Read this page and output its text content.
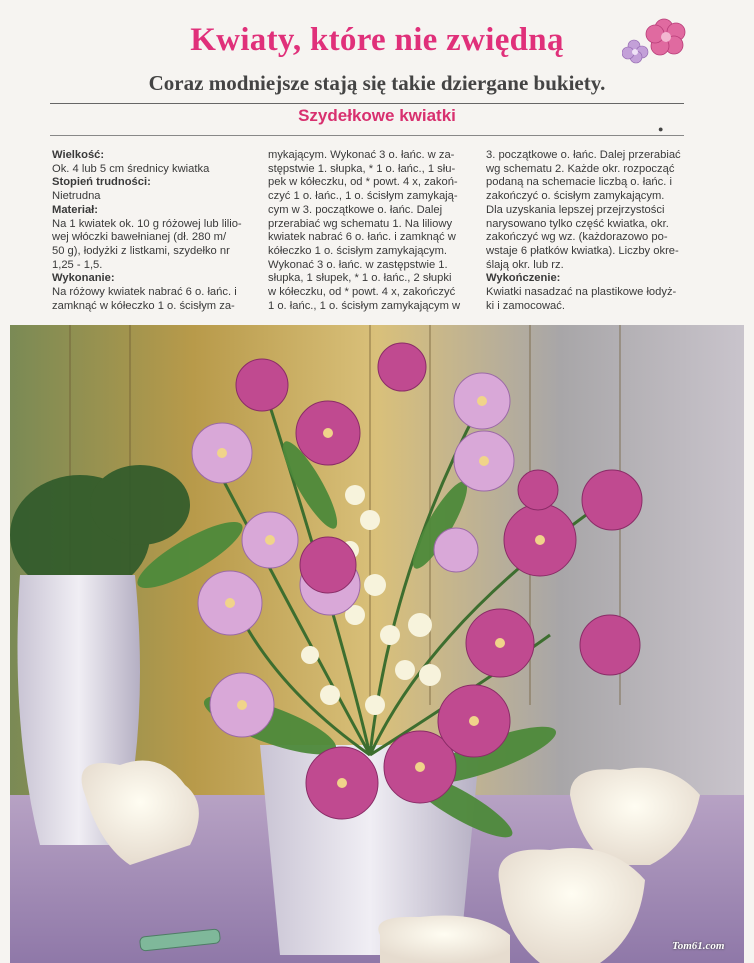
Kwiaty, które nie zwiędną
Coraz modniejsze stają się takie dziergane bukiety.
Szydełkowe kwiatki
●
Wielkość:
Ok. 4 lub 5 cm średnicy kwiatka
Stopień trudności:
Nietrudna
Materiał:
Na 1 kwiatek ok. 10 g różowej lub lilio-
wej włóczki bawełnianej (dł. 280 m/
50 g), łodyżki z listkami, szydełko nr
1,25 - 1,5.
Wykonanie:
Na różowy kwiatek nabrać 6 o. łańc. i
zamknąć w kółeczko 1 o. ścisłym za-
mykającym. Wykonać 3 o. łańc. w za-
stępstwie 1. słupka, * 1 o. łańc., 1 słu-
pek w kółeczku, od * powt. 4 x, zakoń-
czyć 1 o. łańc., 1 o. ścisłym zamykają-
cym w 3. początkowe o. łańc. Dalej
przerabiać wg schematu 1. Na liliowy
kwiatek nabrać 6 o. łańc. i zamknąć w
kółeczko 1 o. ścisłym zamykającym.
Wykonać 3 o. łańc. w zastępstwie 1.
słupka, 1 słupek, * 1 o. łańc., 2 słupki
w kółeczku, od * powt. 4 x, zakończyć
1 o. łańc., 1 o. ścisłym zamykającym w
3. początkowe o. łańc. Dalej przerabiać
wg schematu 2. Każde okr. rozpocząć
podaną na schemacie liczbą o. łańc. i
zakończyć o. ścisłym zamykającym.
Dla uzyskania lepszej przejrzystości
narysowano tylko część kwiatka, okr.
zakończyć wg wz. (każdorazowo po-
wstaje 6 płatków kwiatka). Liczby okre-
ślają okr. lub rz.
Wykończenie:
Kwiatki nasadzać na plastikowe łodyż-
ki i zamocować.
Tom61.com
